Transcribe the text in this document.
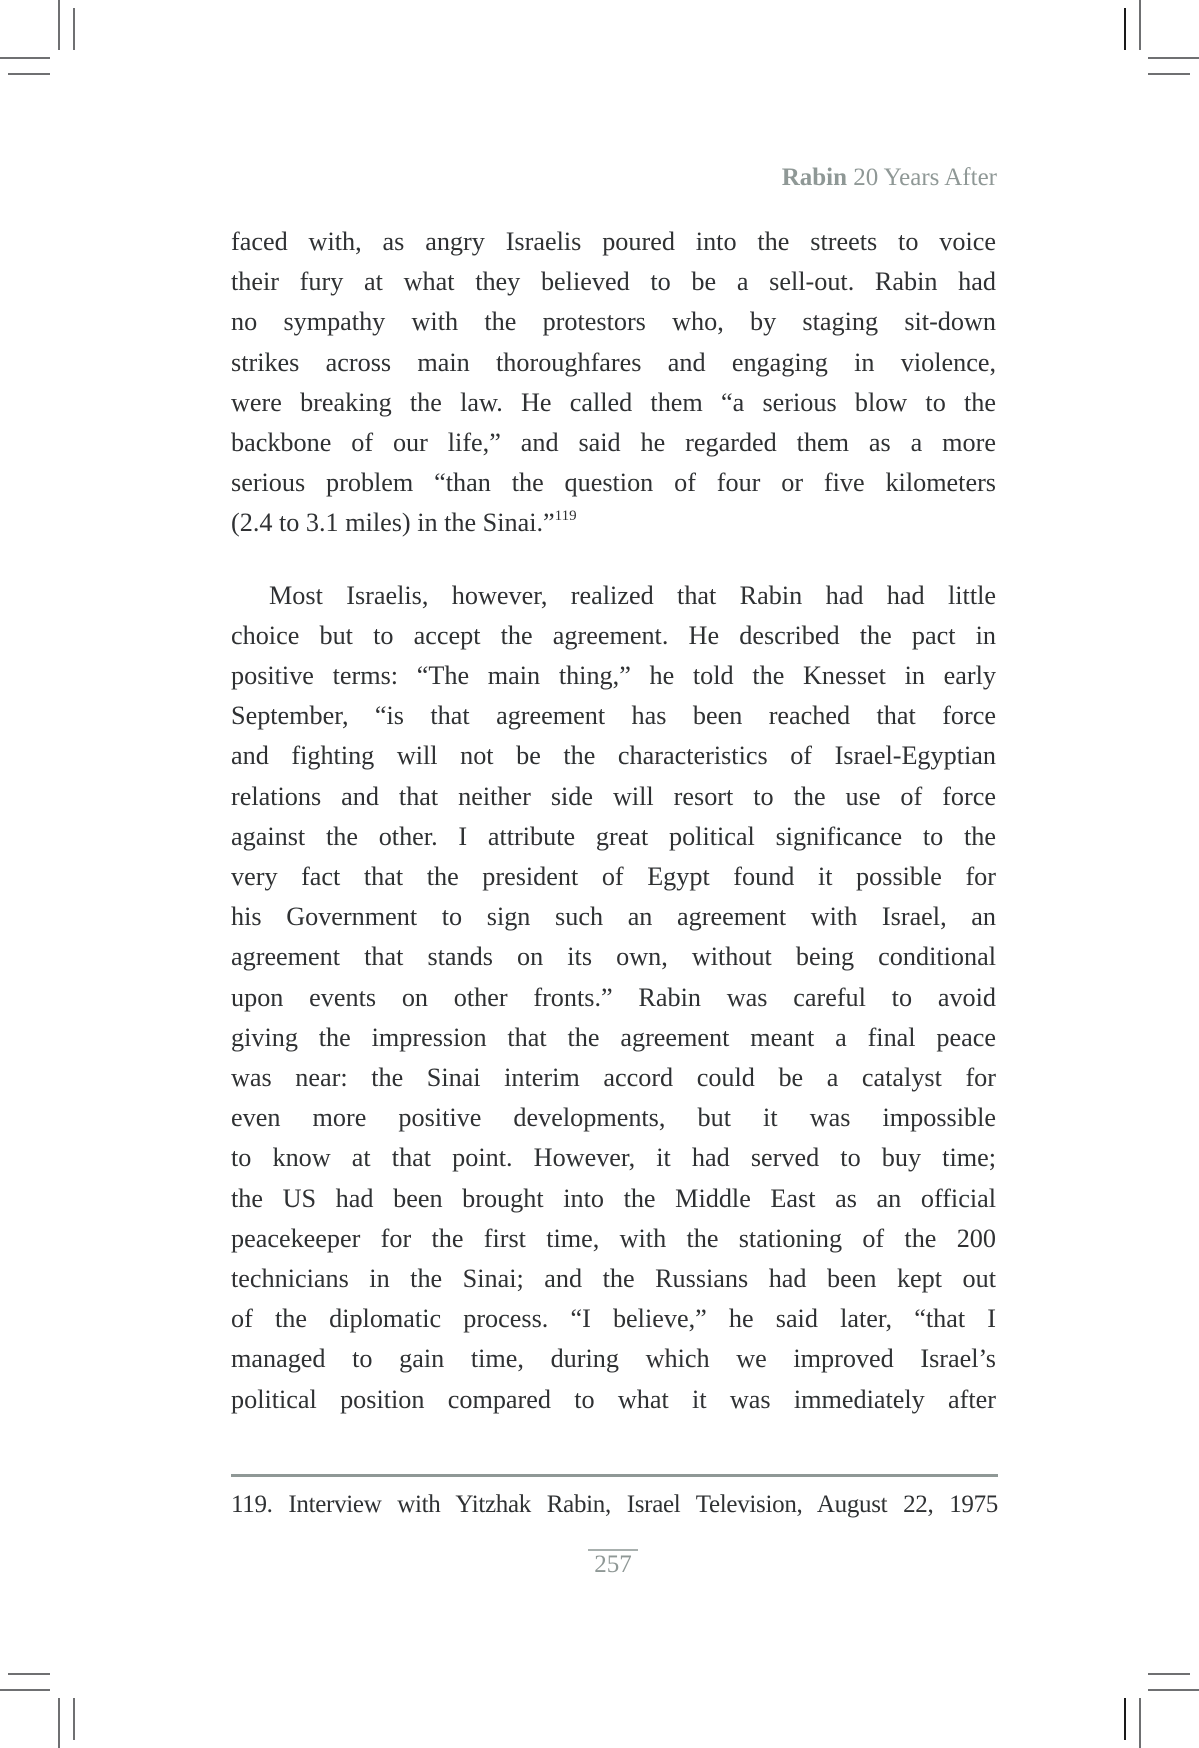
Rabin 20 Years After
faced with, as angry Israelis poured into the streets to voice
their fury at what they believed to be a sell-out. Rabin had
no sympathy with the protestors who, by staging sit-down
strikes across main thoroughfares and engaging in violence,
were breaking the law. He called them “a serious blow to the
backbone of our life,” and said he regarded them as a more
serious problem “than the question of four or five kilometers
(2.4 to 3.1 miles) in the Sinai.”$^{119}$
Most Israelis, however, realized that Rabin had had little
choice but to accept the agreement. He described the pact in
positive terms: “The main thing,” he told the Knesset in early
September, “is that agreement has been reached that force
and fighting will not be the characteristics of Israel-Egyptian
relations and that neither side will resort to the use of force
against the other. I attribute great political significance to the
very fact that the president of Egypt found it possible for
his Government to sign such an agreement with Israel, an
agreement that stands on its own, without being conditional
upon events on other fronts.” Rabin was careful to avoid
giving the impression that the agreement meant a final peace
was near: the Sinai interim accord could be a catalyst for
even more positive developments, but it was impossible
to know at that point. However, it had served to buy time;
the US had been brought into the Middle East as an official
peacekeeper for the first time, with the stationing of the 200
technicians in the Sinai; and the Russians had been kept out
of the diplomatic process. “I believe,” he said later, “that I
managed to gain time, during which we improved Israel’s
political position compared to what it was immediately after
119. Interview with Yitzhak Rabin, Israel Television, August 22, 1975
257
